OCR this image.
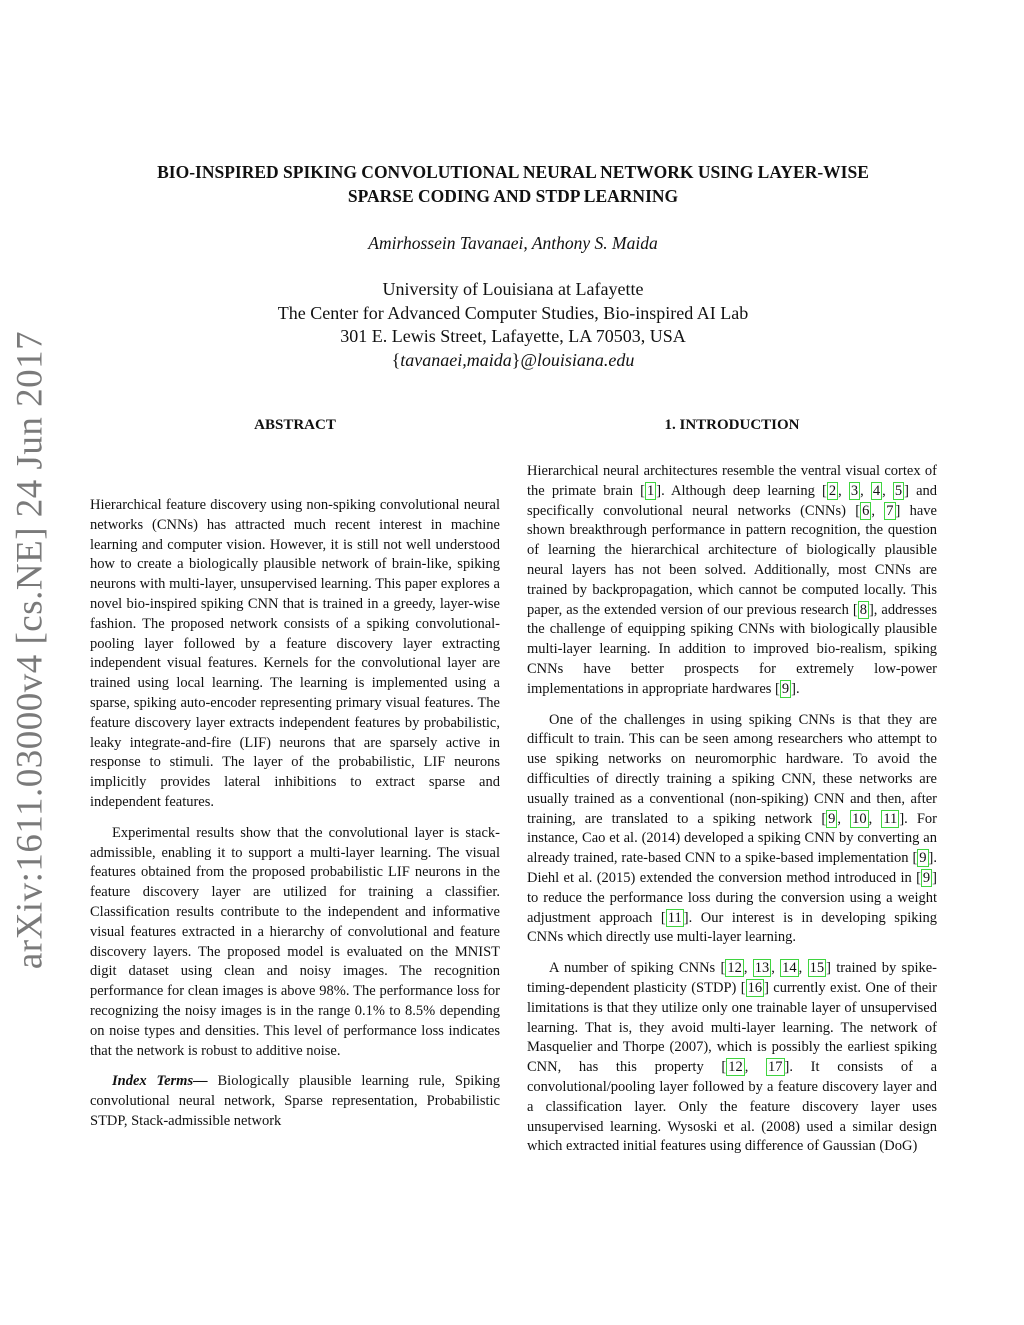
arXiv:1611.03000v4 [cs.NE] 24 Jun 2017
BIO-INSPIRED SPIKING CONVOLUTIONAL NEURAL NETWORK USING LAYER-WISE
SPARSE CODING AND STDP LEARNING
Amirhossein Tavanaei, Anthony S. Maida
University of Louisiana at Lafayette
The Center for Advanced Computer Studies, Bio-inspired AI Lab
301 E. Lewis Street, Lafayette, LA 70503, USA
{tavanaei,maida}@louisiana.edu
ABSTRACT	1. INTRODUCTION

Hierarchical feature discovery using non-spiking convolutional neural networks (CNNs) has attracted much recent interest in machine learning and computer vision. However, it is still not well understood how to create a biologically plausible network of brain-like, spiking neurons with multi-layer, unsupervised learning. This paper explores a novel bio-inspired spiking CNN that is trained in a greedy, layer-wise fashion. The proposed network consists of a spiking convolutional-pooling layer followed by a feature discovery layer extracting independent visual features. Kernels for the convolutional layer are trained using local learning. The learning is implemented using a sparse, spiking auto-encoder representing primary visual features. The feature discovery layer extracts independent features by probabilistic, leaky integrate-and-fire (LIF) neurons that are sparsely active in response to stimuli. The layer of the probabilistic, LIF neurons implicitly provides lateral inhibitions to extract sparse and independent features.

Experimental results show that the convolutional layer is stack-admissible, enabling it to support a multi-layer learning. The visual features obtained from the proposed probabilistic LIF neurons in the feature discovery layer are utilized for training a classifier. Classification results contribute to the independent and informative visual features extracted in a hierarchy of convolutional and feature discovery layers. The proposed model is evaluated on the MNIST digit dataset using clean and noisy images. The recognition performance for clean images is above 98%. The performance loss for recognizing the noisy images is in the range 0.1% to 8.5% depending on noise types and densities. This level of performance loss indicates that the network is robust to additive noise.

Index Terms— Biologically plausible learning rule, Spiking convolutional neural network, Sparse representation, Probabilistic STDP, Stack-admissible network

Hierarchical neural architectures resemble the ventral visual cortex of the primate brain [ 1 ]. Although deep learning [ 2 , 3 , 4 , 5 ] and specifically convolutional neural networks (CNNs) [ 6 , 7 ] have shown breakthrough performance in pattern recognition, the question of learning the hierarchical architecture of biologically plausible neural layers has not been solved. Additionally, most CNNs are trained by backpropagation, which cannot be computed locally. This paper, as the extended version of our previous research [ 8 ], addresses the challenge of equipping spiking CNNs with biologically plausible multi-layer learning. In addition to improved bio-realism, spiking CNNs have better prospects for extremely low-power implementations in appropriate hardwares [ 9 ].

One of the challenges in using spiking CNNs is that they are difficult to train. This can be seen among researchers who attempt to use spiking networks on neuromorphic hardware. To avoid the difficulties of directly training a spiking CNN, these networks are usually trained as a conventional (non-spiking) CNN and then, after training, are translated to a spiking network [ 9 , 10 , 11 ]. For instance, Cao et al. (2014) developed a spiking CNN by converting an already trained, rate-based CNN to a spike-based implementation [ 9 ]. Diehl et al. (2015) extended the conversion method introduced in [ 9 ] to reduce the performance loss during the conversion using a weight adjustment approach [ 11 ]. Our interest is in developing spiking CNNs which directly use multi-layer learning.

A number of spiking CNNs [ 12 , 13 , 14 , 15 ] trained by spike-timing-dependent plasticity (STDP) [ 16 ] currently exist. One of their limitations is that they utilize only one trainable layer of unsupervised learning. That is, they avoid multi-layer learning. The network of Masquelier and Thorpe (2007), which is possibly the earliest spiking CNN, has this property [ 12 , 17 ]. It consists of a convolutional/pooling layer followed by a feature discovery layer and a classification layer. Only the feature discovery layer uses unsupervised learning. Wysoski et al. (2008) used a similar design which extracted initial features using difference of Gaussian (DoG)
